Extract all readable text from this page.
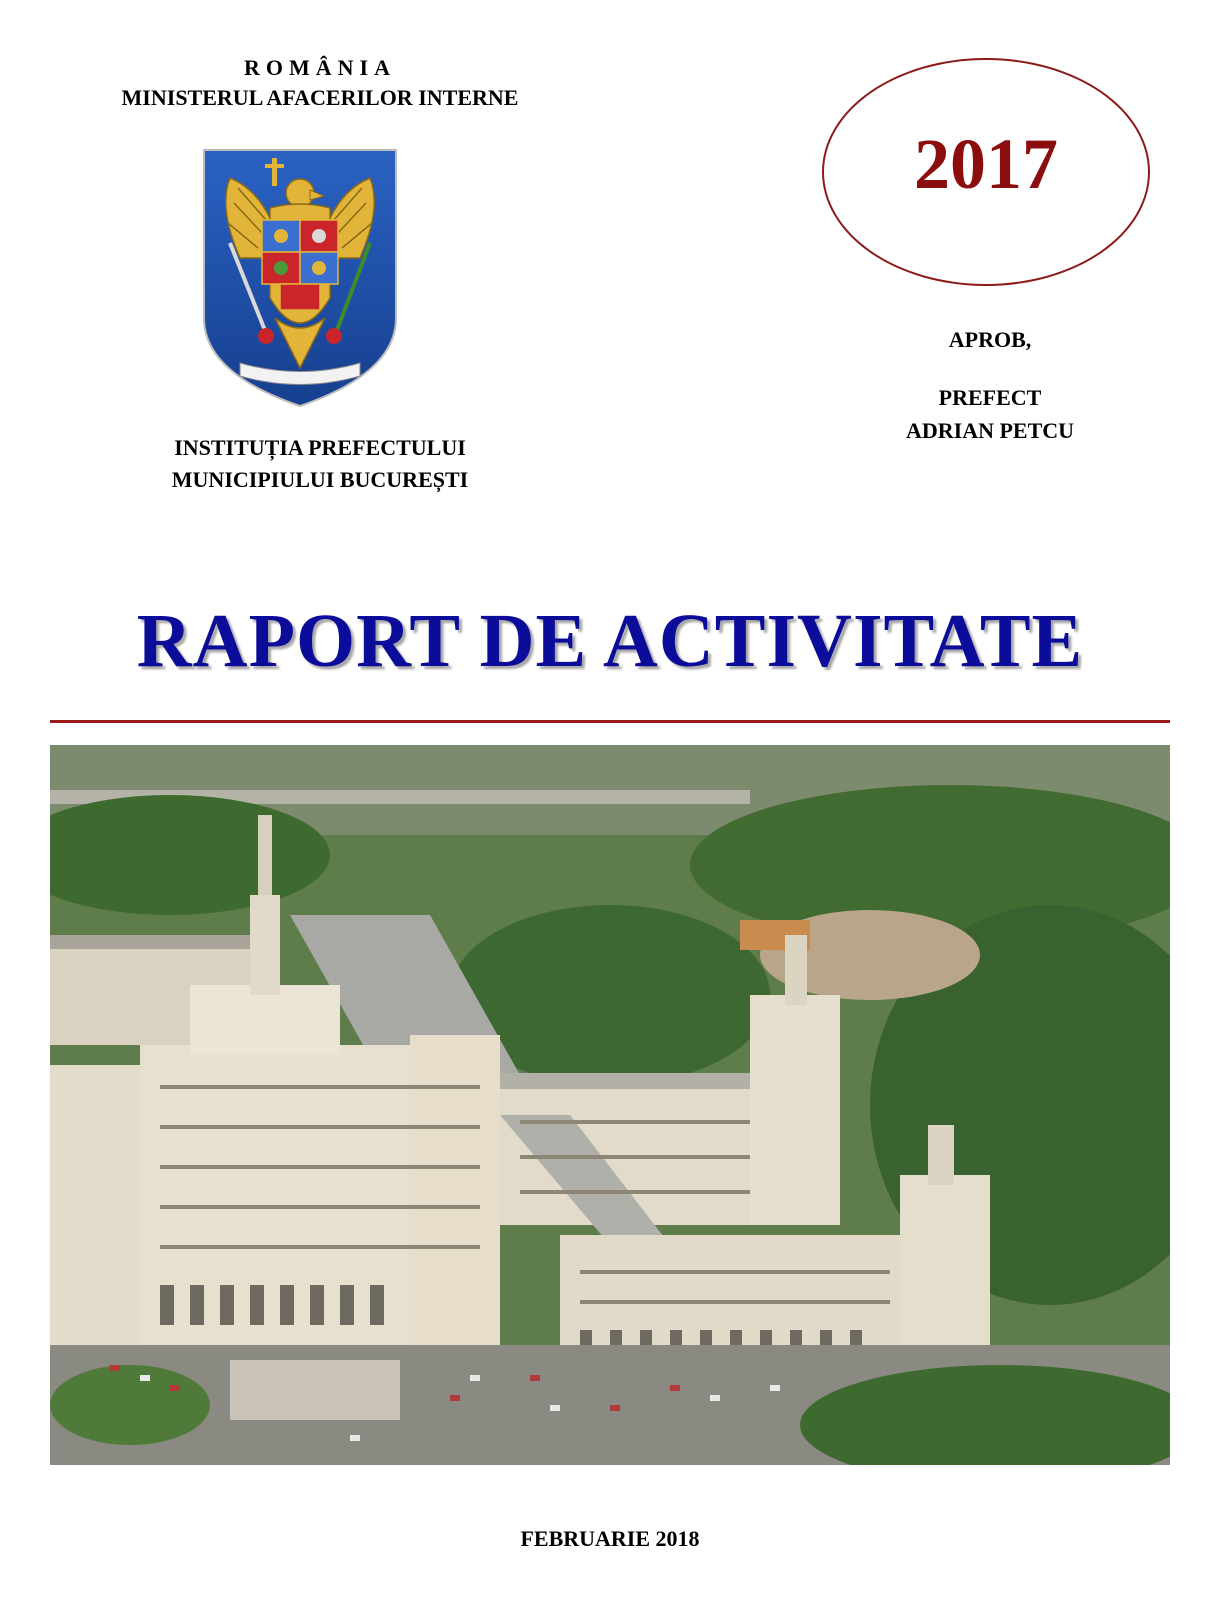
ROMÂNIA
MINISTERUL AFACERILOR INTERNE
INSTITUȚIA PREFECTULUI
MUNICIPIULUI BUCUREȘTI
2017
APROB,
PREFECT
ADRIAN PETCU
RAPORT DE ACTIVITATE
FEBRUARIE 2018
